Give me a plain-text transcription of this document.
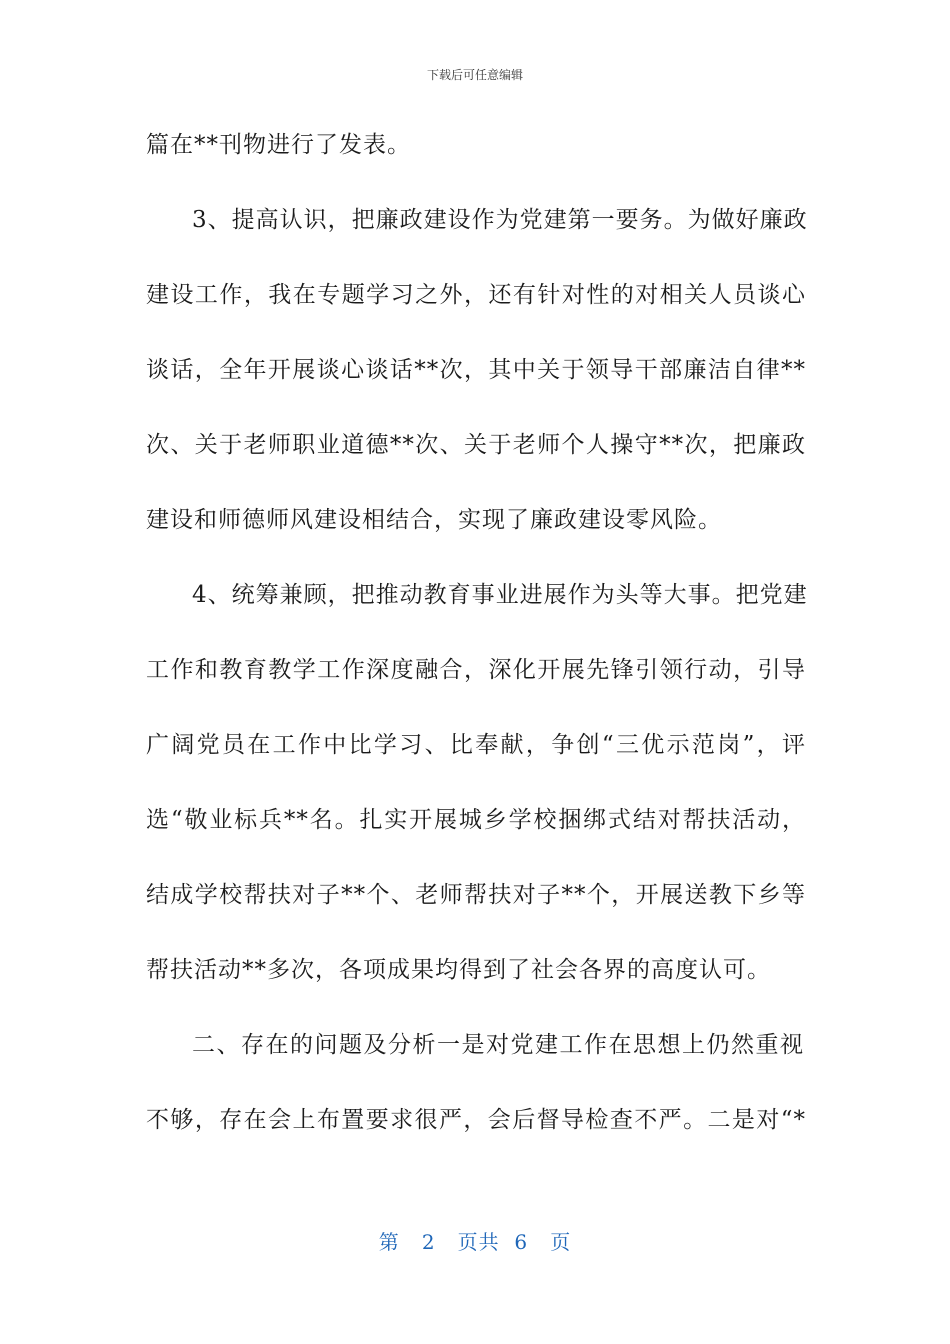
下载后可任意编辑
篇在**刊物进行了发表。
3、提高认识，把廉政建设作为党建第一要务。为做好廉政
建设工作，我在专题学习之外，还有针对性的对相关人员谈心
谈话，全年开展谈心谈话**次，其中关于领导干部廉洁自律**
次、关于老师职业道德**次、关于老师个人操守**次，把廉政
建设和师德师风建设相结合，实现了廉政建设零风险。
4、统筹兼顾，把推动教育事业进展作为头等大事。把党建
工作和教育教学工作深度融合，深化开展先锋引领行动，引导
广阔党员在工作中比学习、比奉献，争创“三优示范岗”，评
选“敬业标兵**名。扎实开展城乡学校捆绑式结对帮扶活动，
结成学校帮扶对子**个、老师帮扶对子**个，开展送教下乡等
帮扶活动**多次，各项成果均得到了社会各界的高度认可。
二、存在的问题及分析一是对党建工作在思想上仍然重视
不够，存在会上布置要求很严，会后督导检查不严。二是对“*
第 2 页共 6 页
